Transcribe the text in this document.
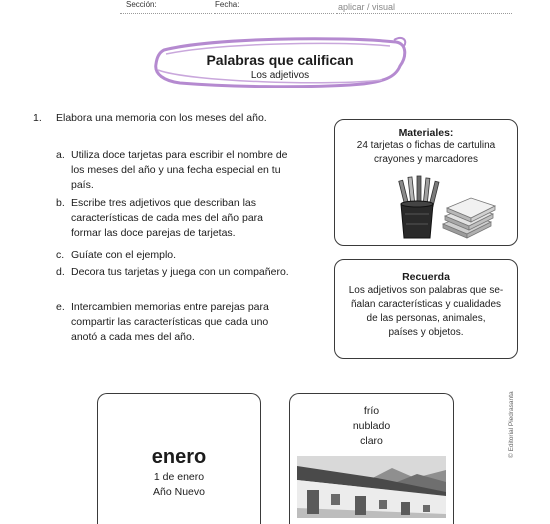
Sección:	Fecha:	aplicar / visual
Palabras que califican
Los adjetivos
1. Elabora una memoria con los meses del año.
a. Utiliza doce tarjetas para escribir el nombre de los meses del año y una fecha especial en tu país.
b. Escribe tres adjetivos que describan las características de cada mes del año para formar las doce parejas de tarjetas.
c. Guíate con el ejemplo.
d. Decora tus tarjetas y juega con un compañero.
e. Intercambien memorias entre parejas para compartir las características que cada uno anotó a cada mes del año.
Materiales:
24 tarjetas o fichas de cartulina
crayones y marcadores
Recuerda
Los adjetivos son palabras que se-
ñalan características y cualidades
de las personas, animales,
países y objetos.
enero
1 de enero
Año Nuevo
frío
nublado
claro	© Editorial Piedrasanta
